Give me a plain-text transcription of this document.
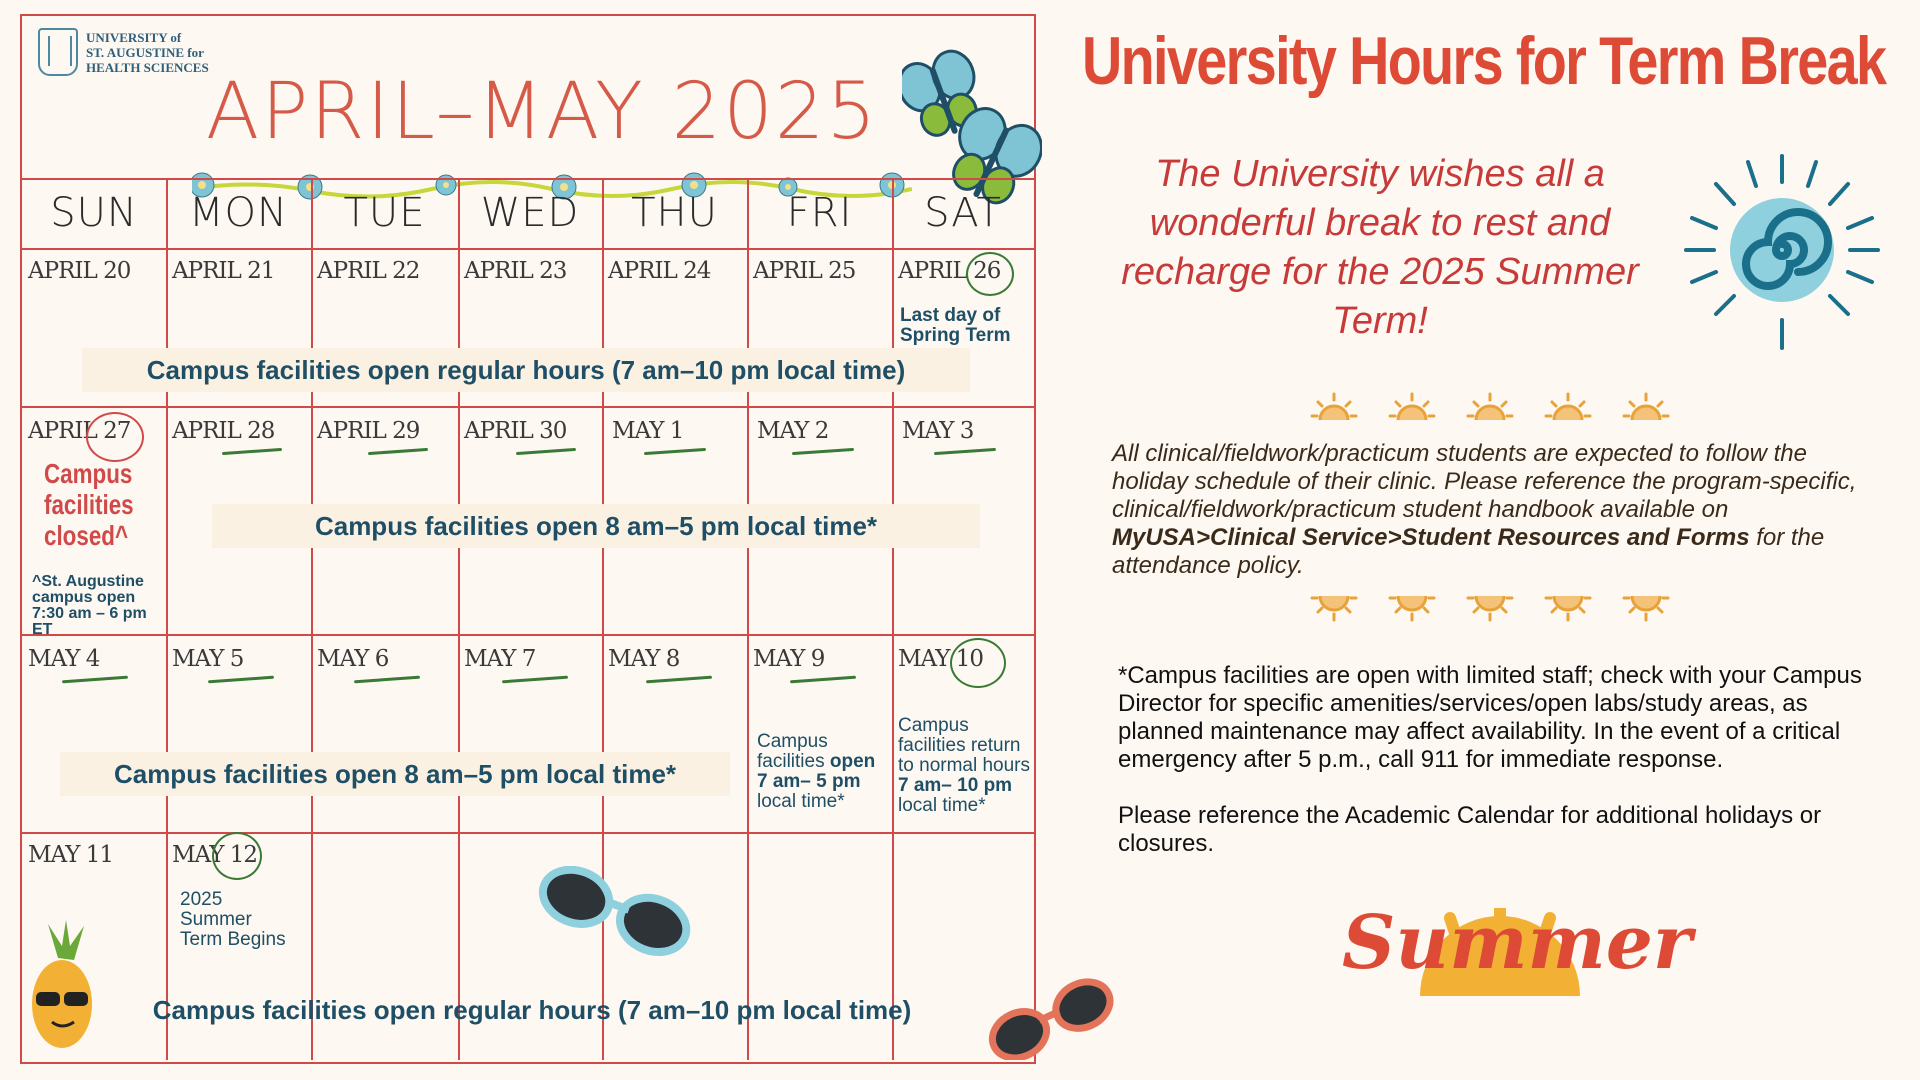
UNIVERSITY of
ST. AUGUSTINE for
HEALTH SCIENCES
APRIL–MAY 2025
SUN	MON	TUE	WED	THU	FRI	SAT
APRIL 20 APRIL 21 APRIL 22 APRIL 23 APRIL 24 APRIL 25 APRIL 26
Last day of Spring Term
Campus facilities open regular hours (7 am–10 pm local time)
APRIL 27 APRIL 28 APRIL 29 APRIL 30 MAY 1	MAY 2	MAY 3
Campus facilities closed^
^St. Augustine campus open 7:30 am – 6 pm ET
Campus facilities open 8 am–5 pm local time*
MAY 4	MAY 5	MAY 6	MAY 7	MAY 8	MAY 9	MAY 10
Campus facilities open 7 am– 5 pm local time*
Campus facilities return to normal hours 7 am– 10 pm local time*
Campus facilities open 8 am–5 pm local time*
MAY 11	MAY 12
2025 Summer Term Begins
Campus facilities open regular hours (7 am–10 pm local time)
University Hours for Term Break
The University wishes all a wonderful break to rest and recharge for the 2025 Summer Term!
All clinical/fieldwork/practicum students are expected to follow the holiday schedule of their clinic. Please reference the program-specific, clinical/fieldwork/practicum student handbook available on MyUSA>Clinical Service>Student Resources and Forms for the attendance policy.
*Campus facilities are open with limited staff; check with your Campus Director for specific amenities/services/open labs/study areas, as planned maintenance may affect availability. In the event of a critical emergency after 5 p.m., call 911 for immediate response.
Please reference the Academic Calendar for additional holidays or closures.
Summer
